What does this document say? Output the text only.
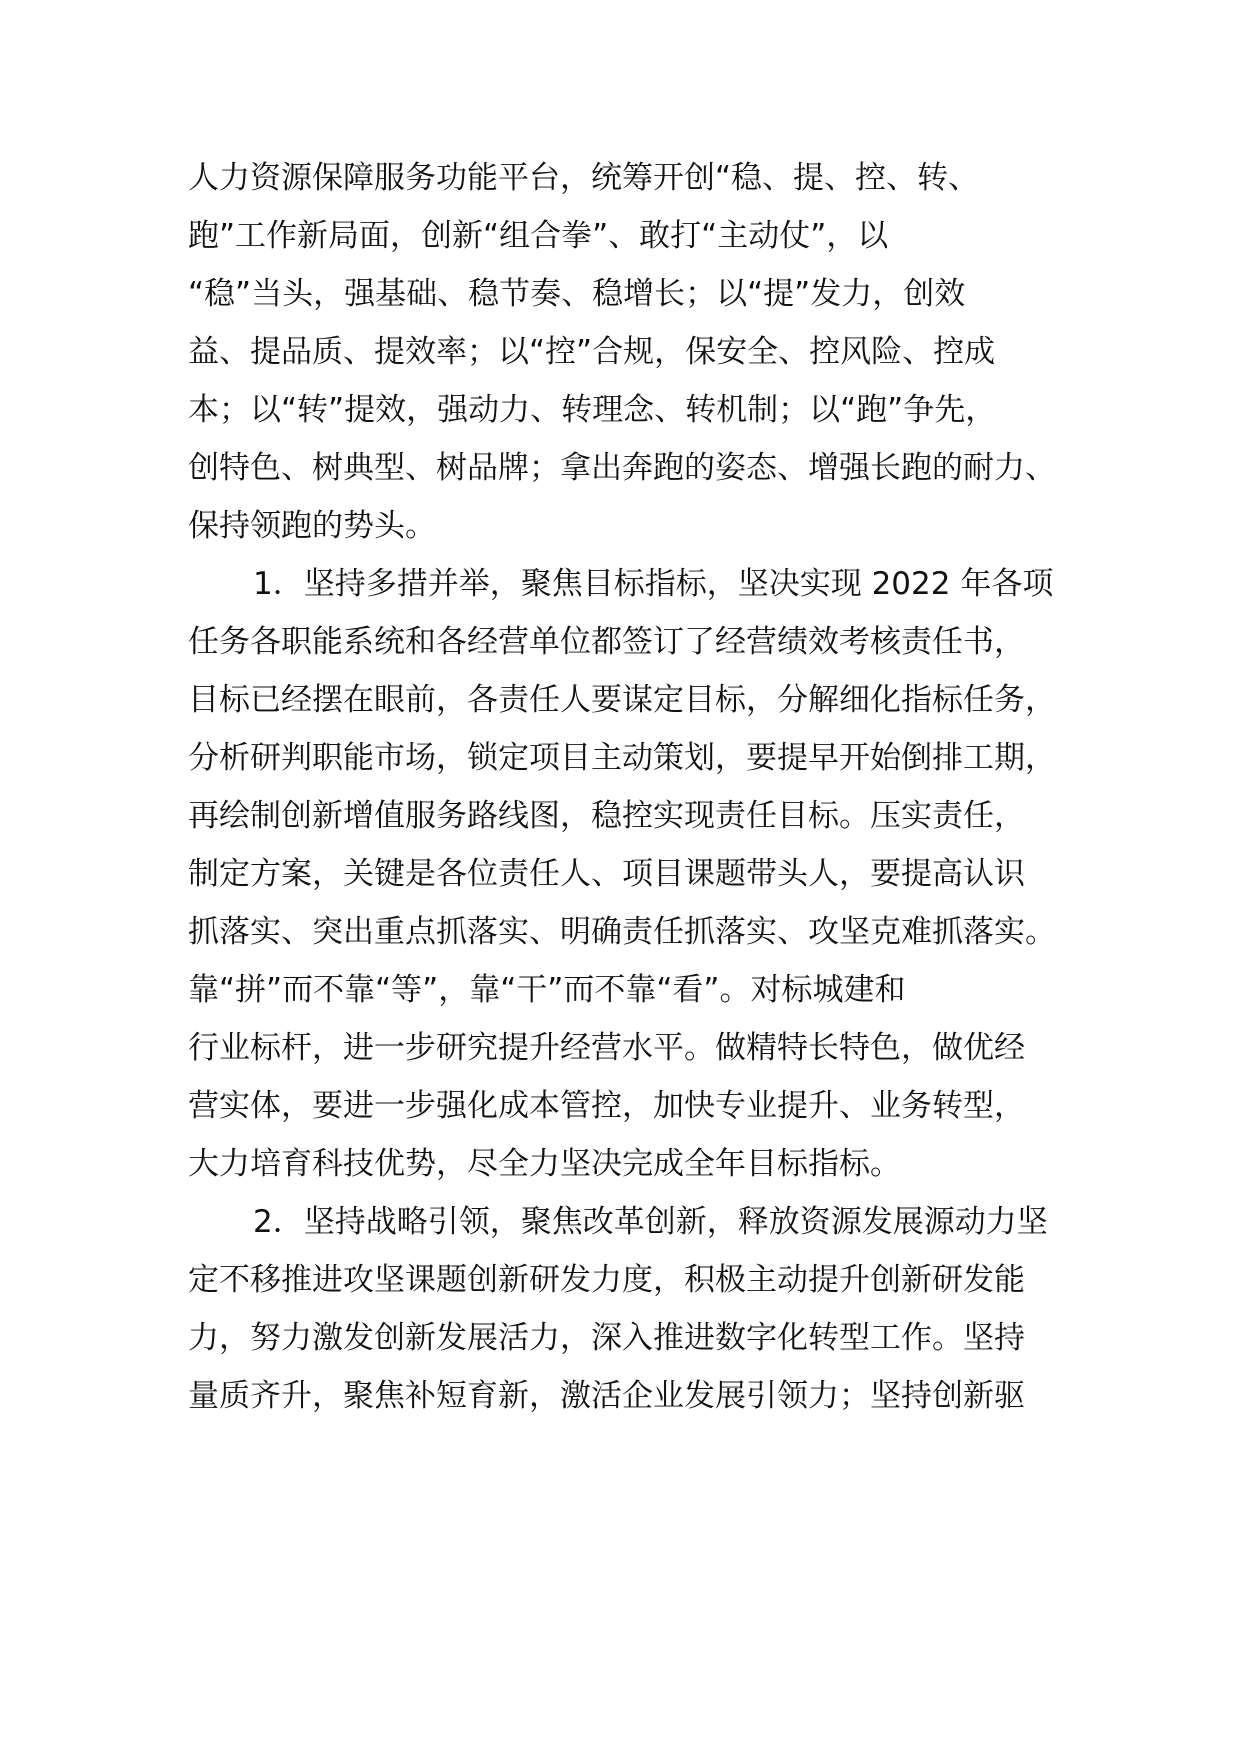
人力资源保障服务功能平台，统筹开创“稳、提、控、转、

跑”工作新局面，创新“组合拳”、敢打“主动仗”，以

“稳”当头，强基础、稳节奏、稳增长；以“提”发力，创效

益、提品质、提效率；以“控”合规，保安全、控风险、控成

本；以“转”提效，强动力、转理念、转机制；以“跑”争先，

创特色、树典型、树品牌；拿出奔跑的姿态、增强长跑的耐力、

保持领跑的势头。

1．坚持多措并举，聚焦目标指标，坚决实现 2022 年各项

任务各职能系统和各经营单位都签订了经营绩效考核责任书，

目标已经摆在眼前，各责任人要谋定目标，分解细化指标任务，

分析研判职能市场，锁定项目主动策划，要提早开始倒排工期，

再绘制创新增值服务路线图，稳控实现责任目标。压实责任，

制定方案，关键是各位责任人、项目课题带头人，要提高认识

抓落实、突出重点抓落实、明确责任抓落实、攻坚克难抓落实。

靠“拼”而不靠“等”，靠“干”而不靠“看”。对标城建和

行业标杆，进一步研究提升经营水平。做精特长特色，做优经

营实体，要进一步强化成本管控，加快专业提升、业务转型，

大力培育科技优势，尽全力坚决完成全年目标指标。

2．坚持战略引领，聚焦改革创新，释放资源发展源动力坚

定不移推进攻坚课题创新研发力度，积极主动提升创新研发能

力，努力激发创新发展活力，深入推进数字化转型工作。坚持

量质齐升，聚焦补短育新，激活企业发展引领力；坚持创新驱
